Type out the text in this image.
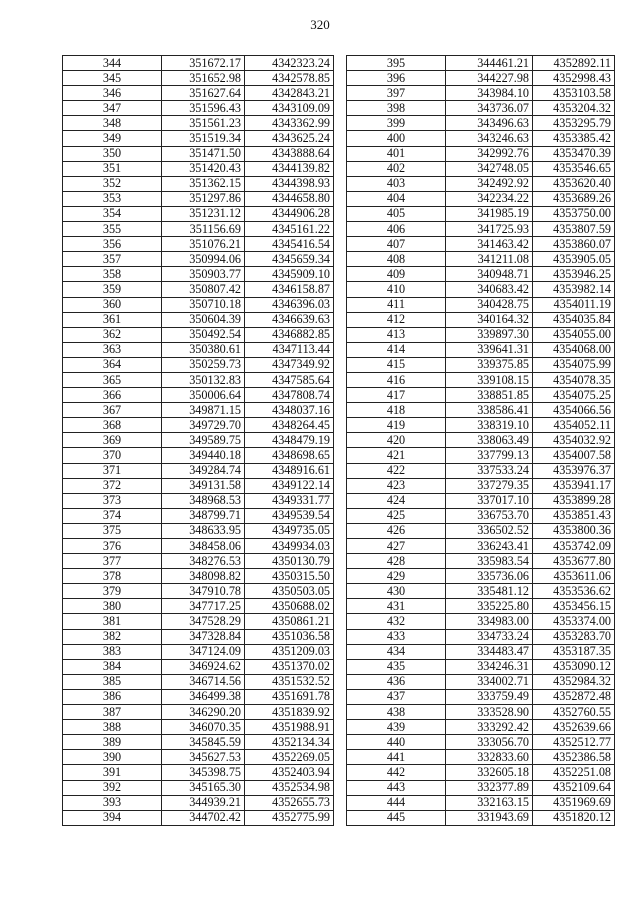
320
344	351672.17	4342323.24
345	351652.98	4342578.85
346	351627.64	4342843.21
347	351596.43	4343109.09
348	351561.23	4343362.99
349	351519.34	4343625.24
350	351471.50	4343888.64
351	351420.43	4344139.82
352	351362.15	4344398.93
353	351297.86	4344658.80
354	351231.12	4344906.28
355	351156.69	4345161.22
356	351076.21	4345416.54
357	350994.06	4345659.34
358	350903.77	4345909.10
359	350807.42	4346158.87
360	350710.18	4346396.03
361	350604.39	4346639.63
362	350492.54	4346882.85
363	350380.61	4347113.44
364	350259.73	4347349.92
365	350132.83	4347585.64
366	350006.64	4347808.74
367	349871.15	4348037.16
368	349729.70	4348264.45
369	349589.75	4348479.19
370	349440.18	4348698.65
371	349284.74	4348916.61
372	349131.58	4349122.14
373	348968.53	4349331.77
374	348799.71	4349539.54
375	348633.95	4349735.05
376	348458.06	4349934.03
377	348276.53	4350130.79
378	348098.82	4350315.50
379	347910.78	4350503.05
380	347717.25	4350688.02
381	347528.29	4350861.21
382	347328.84	4351036.58
383	347124.09	4351209.03
384	346924.62	4351370.02
385	346714.56	4351532.52
386	346499.38	4351691.78
387	346290.20	4351839.92
388	346070.35	4351988.91
389	345845.59	4352134.34
390	345627.53	4352269.05
391	345398.75	4352403.94
392	345165.30	4352534.98
393	344939.21	4352655.73
394	344702.42	4352775.99
395	344461.21	4352892.11
396	344227.98	4352998.43
397	343984.10	4353103.58
398	343736.07	4353204.32
399	343496.63	4353295.79
400	343246.63	4353385.42
401	342992.76	4353470.39
402	342748.05	4353546.65
403	342492.92	4353620.40
404	342234.22	4353689.26
405	341985.19	4353750.00
406	341725.93	4353807.59
407	341463.42	4353860.07
408	341211.08	4353905.05
409	340948.71	4353946.25
410	340683.42	4353982.14
411	340428.75	4354011.19
412	340164.32	4354035.84
413	339897.30	4354055.00
414	339641.31	4354068.00
415	339375.85	4354075.99
416	339108.15	4354078.35
417	338851.85	4354075.25
418	338586.41	4354066.56
419	338319.10	4354052.11
420	338063.49	4354032.92
421	337799.13	4354007.58
422	337533.24	4353976.37
423	337279.35	4353941.17
424	337017.10	4353899.28
425	336753.70	4353851.43
426	336502.52	4353800.36
427	336243.41	4353742.09
428	335983.54	4353677.80
429	335736.06	4353611.06
430	335481.12	4353536.62
431	335225.80	4353456.15
432	334983.00	4353374.00
433	334733.24	4353283.70
434	334483.47	4353187.35
435	334246.31	4353090.12
436	334002.71	4352984.32
437	333759.49	4352872.48
438	333528.90	4352760.55
439	333292.42	4352639.66
440	333056.70	4352512.77
441	332833.60	4352386.58
442	332605.18	4352251.08
443	332377.89	4352109.64
444	332163.15	4351969.69
445	331943.69	4351820.12
